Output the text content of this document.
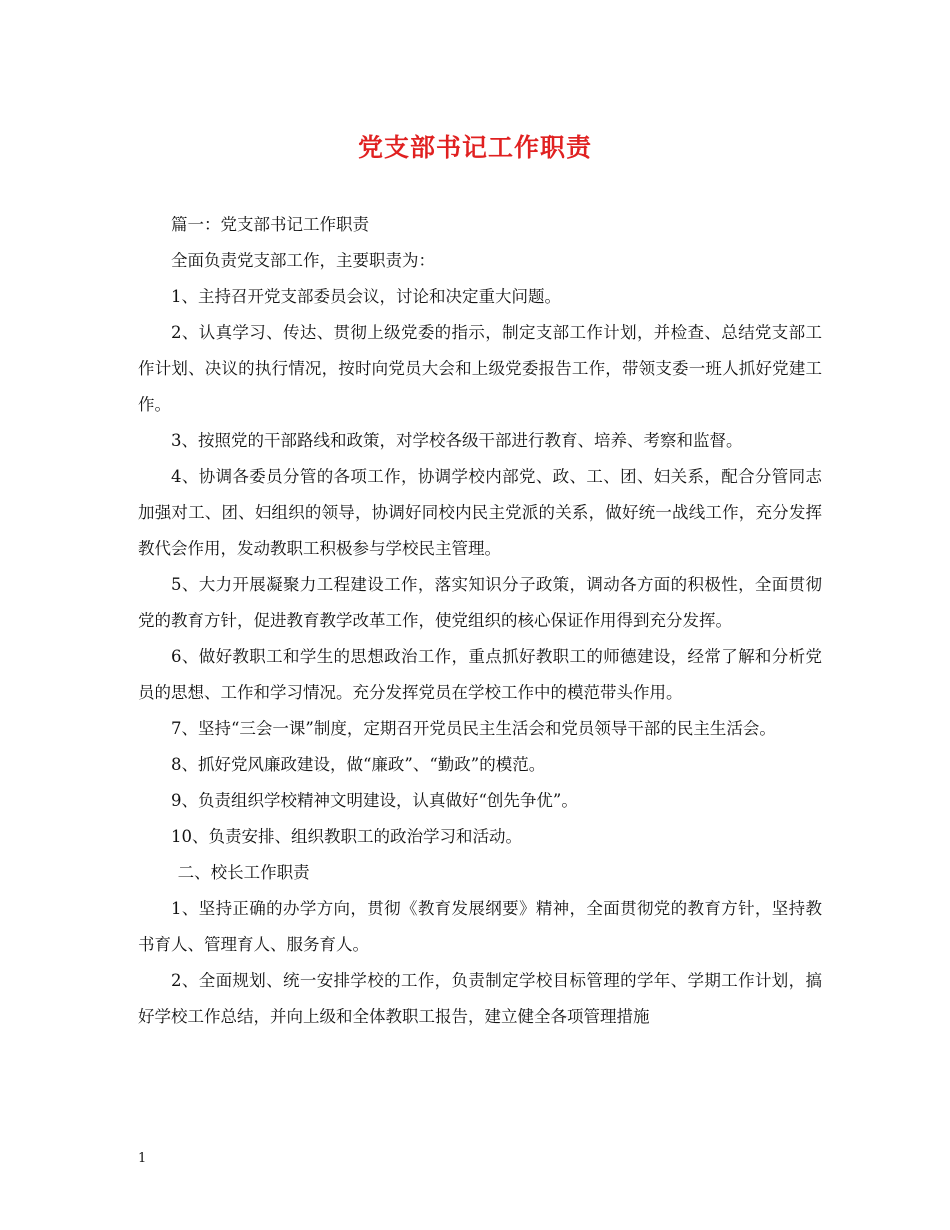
党支部书记工作职责

篇一：党支部书记工作职责

全面负责党支部工作，主要职责为：

1、主持召开党支部委员会议，讨论和决定重大问题。

2、认真学习、传达、贯彻上级党委的指示，制定支部工作计划，并检查、总结党支部工作计划、决议的执行情况，按时向党员大会和上级党委报告工作，带领支委一班人抓好党建工作。

3、按照党的干部路线和政策，对学校各级干部进行教育、培养、考察和监督。

4、协调各委员分管的各项工作，协调学校内部党、政、工、团、妇关系，配合分管同志加强对工、团、妇组织的领导，协调好同校内民主党派的关系，做好统一战线工作，充分发挥教代会作用，发动教职工积极参与学校民主管理。

5、大力开展凝聚力工程建设工作，落实知识分子政策，调动各方面的积极性，全面贯彻党的教育方针，促进教育教学改革工作，使党组织的核心保证作用得到充分发挥。

6、做好教职工和学生的思想政治工作，重点抓好教职工的师德建设，经常了解和分析党员的思想、工作和学习情况。充分发挥党员在学校工作中的模范带头作用。

7、坚持“三会一课”制度，定期召开党员民主生活会和党员领导干部的民主生活会。

8、抓好党风廉政建设，做“廉政”、“勤政”的模范。

9、负责组织学校精神文明建设，认真做好“创先争优”。

10、负责安排、组织教职工的政治学习和活动。

二、校长工作职责

1、坚持正确的办学方向，贯彻《教育发展纲要》精神，全面贯彻党的教育方针，坚持教书育人、管理育人、服务育人。

2、全面规划、统一安排学校的工作，负责制定学校目标管理的学年、学期工作计划，搞好学校工作总结，并向上级和全体教职工报告，建立健全各项管理措施

1
